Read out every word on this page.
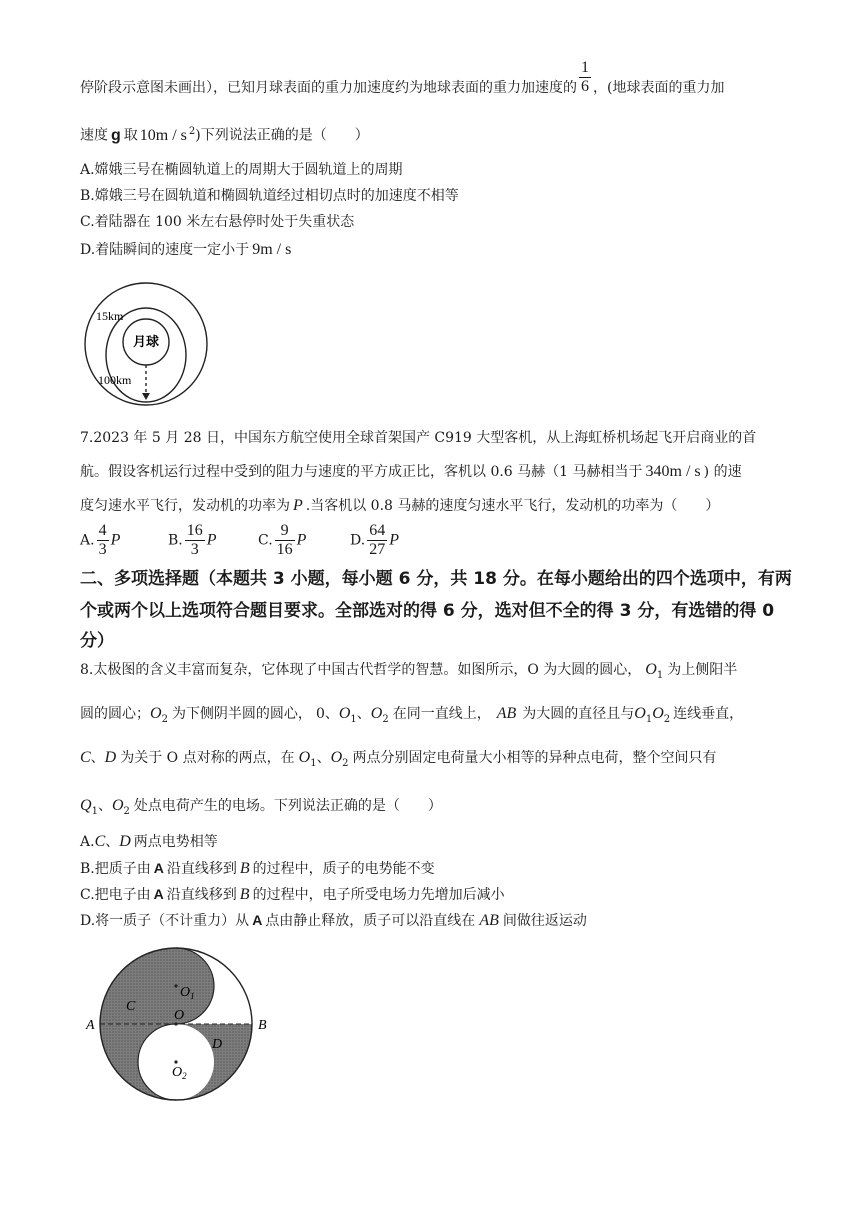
停阶段示意图未画出），已知月球表面的重力加速度约为地球表面的重力加速度的 $\frac{1}{6}$ ，(地球表面的重力加
速度 g 取 10m / s $^2$)下列说法正确的是（　　）
A.嫦娥三号在椭圆轨道上的周期大于圆轨道上的周期
B.嫦娥三号在圆轨道和椭圆轨道经过相切点时的加速度不相等
C.着陆器在 100 米左右悬停时处于失重状态
D.着陆瞬间的速度一定小于 9m / s
15km
月球
100km
7.2023 年 5 月 28 日，中国东方航空使用全球首架国产 C919 大型客机，从上海虹桥机场起飞开启商业的首
航。假设客机运行过程中受到的阻力与速度的平方成正比，客机以 0.6 马赫（1 马赫相当于 340m / s ) 的速
度匀速水平飞行，发动机的功率为 P .当客机以 0.8 马赫的速度匀速水平飞行，发动机的功率为（　　）
A. $\frac{4}{3}$ P	B. $\frac{16}{3}$ P	C. $\frac{9}{16}$ P	D. $\frac{64}{27}$ P
二、多项选择题（本题共 3 小题，每小题 6 分，共 18 分。在每小题给出的四个选项中，有两
个或两个以上选项符合题目要求。全部选对的得 6 分，选对但不全的得 3 分，有选错的得 0
分）
8.太极图的含义丰富而复杂，它体现了中国古代哲学的智慧。如图所示，O 为大圆的圆心， $O_1$ 为上侧阳半
圆的圆心；$O_2$ 为下侧阴半圆的圆心， 0、$O_1$、$O_2$ 在同一直线上， AB 为大圆的直径且与$O_1O_2$ 连线垂直，
C、D 为关于 O 点对称的两点，在 $O_1$、$O_2$ 两点分别固定电荷量大小相等的异种点电荷，整个空间只有
$Q_1$、$O_2$ 处点电荷产生的电场。下列说法正确的是（　　）
A.C、D 两点电势相等
B.把质子由 A 沿直线移到 B 的过程中，质子的电势能不变
C.把电子由 A 沿直线移到 B 的过程中，电子所受电场力先增加后减小
D.将一质子（不计重力）从 A 点由静止释放，质子可以沿直线在 AB 间做往返运动
A	B
C
D
O
$O_1$
$O_2$
